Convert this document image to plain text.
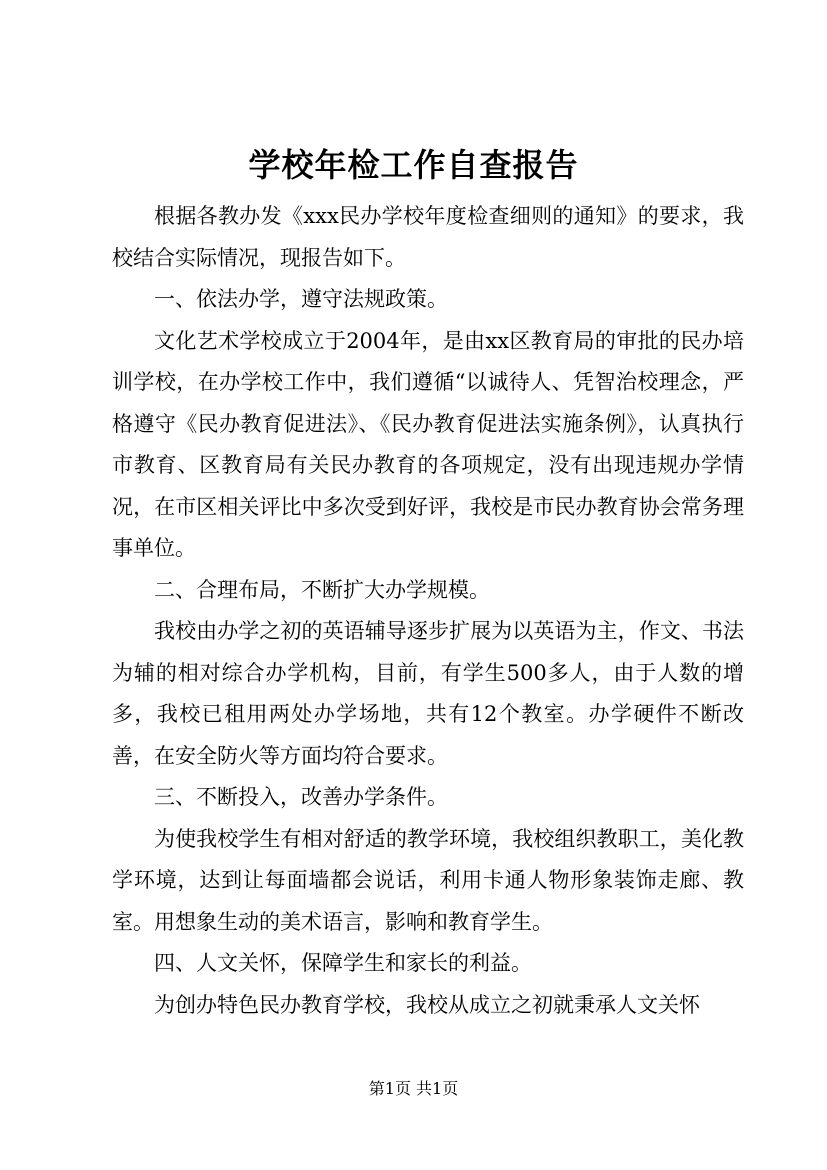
学校年检工作自查报告

根据各教办发《xxx民办学校年度检查细则的通知》的要求，我校结合实际情况，现报告如下。

一、依法办学，遵守法规政策。

文化艺术学校成立于2004年，是由xx区教育局的审批的民办培训学校，在办学校工作中，我们遵循“以诚待人、凭智治校理念，严格遵守《民办教育促进法》、《民办教育促进法实施条例》，认真执行市教育、区教育局有关民办教育的各项规定，没有出现违规办学情况，在市区相关评比中多次受到好评，我校是市民办教育协会常务理事单位。

二、合理布局，不断扩大办学规模。

我校由办学之初的英语辅导逐步扩展为以英语为主，作文、书法为辅的相对综合办学机构，目前，有学生500多人，由于人数的增多，我校已租用两处办学场地，共有12个教室。办学硬件不断改善，在安全防火等方面均符合要求。

三、不断投入，改善办学条件。

为使我校学生有相对舒适的教学环境，我校组织教职工，美化教学环境，达到让每面墙都会说话，利用卡通人物形象装饰走廊、教室。用想象生动的美术语言，影响和教育学生。

四、人文关怀，保障学生和家长的利益。

为创办特色民办教育学校，我校从成立之初就秉承人文关怀

第1页 共1页
